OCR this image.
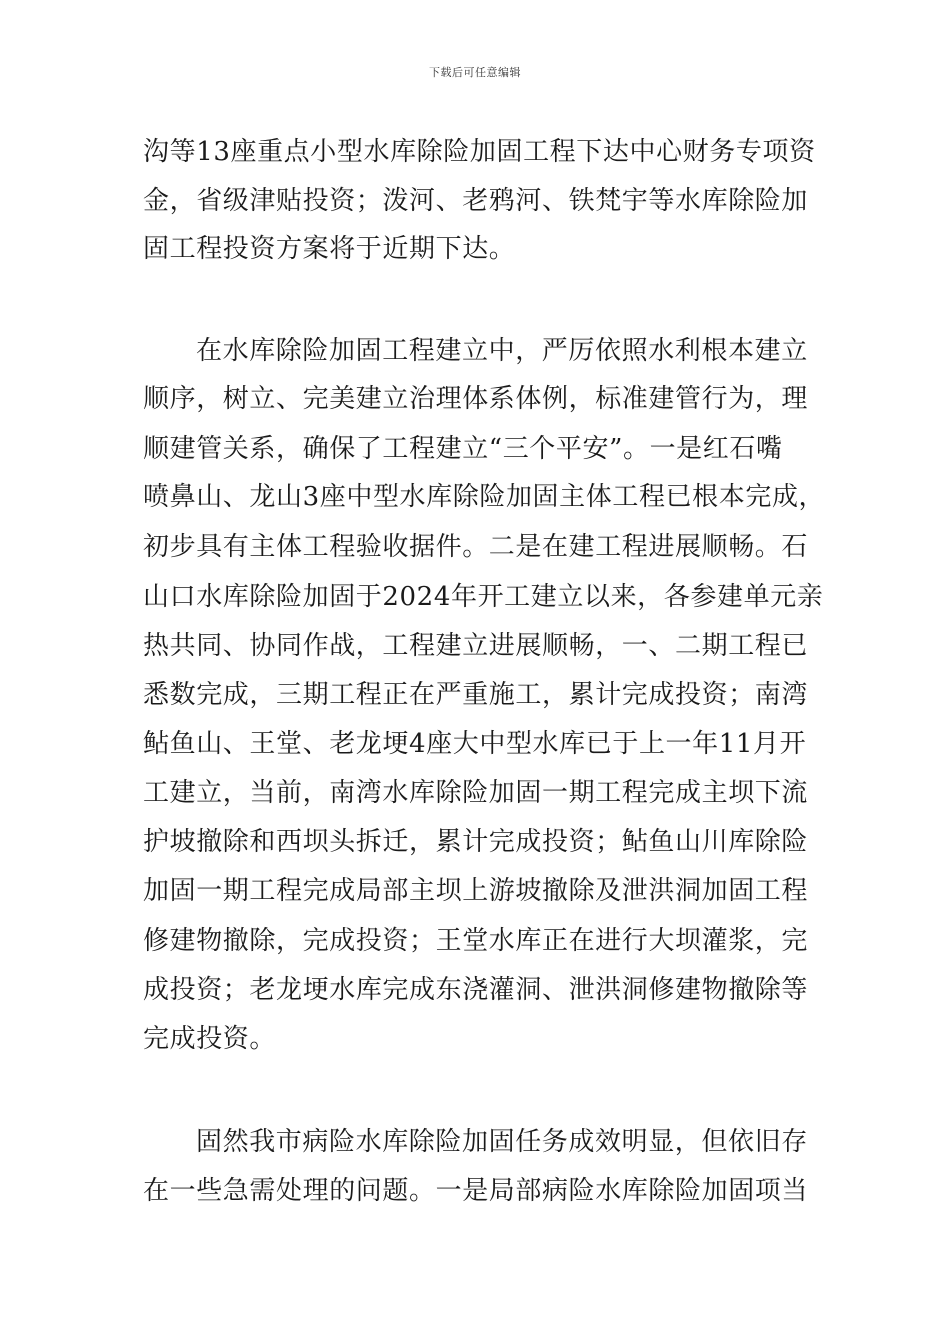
下载后可任意编辑
沟等13座重点小型水库除险加固工程下达中心财务专项资
金，省级津贴投资；泼河、老鸦河、铁梵宇等水库除险加
固工程投资方案将于近期下达。
在水库除险加固工程建立中，严厉依照水利根本建立
顺序，树立、完美建立治理体系体例，标准建管行为，理
顺建管关系，确保了工程建立“三个平安”。一是红石嘴
喷鼻山、龙山3座中型水库除险加固主体工程已根本完成，
初步具有主体工程验收据件。二是在建工程进展顺畅。石
山口水库除险加固于2024年开工建立以来，各参建单元亲
热共同、协同作战，工程建立进展顺畅，一、二期工程已
悉数完成，三期工程正在严重施工，累计完成投资；南湾
鲇鱼山、王堂、老龙埂4座大中型水库已于上一年11月开
工建立，当前，南湾水库除险加固一期工程完成主坝下流
护坡撤除和西坝头拆迁，累计完成投资；鲇鱼山川库除险
加固一期工程完成局部主坝上游坡撤除及泄洪洞加固工程
修建物撤除，完成投资；王堂水库正在进行大坝灌浆，完
成投资；老龙埂水库完成东浇灌洞、泄洪洞修建物撤除等
完成投资。
固然我市病险水库除险加固任务成效明显，但依旧存
在一些急需处理的问题。一是局部病险水库除险加固项当
